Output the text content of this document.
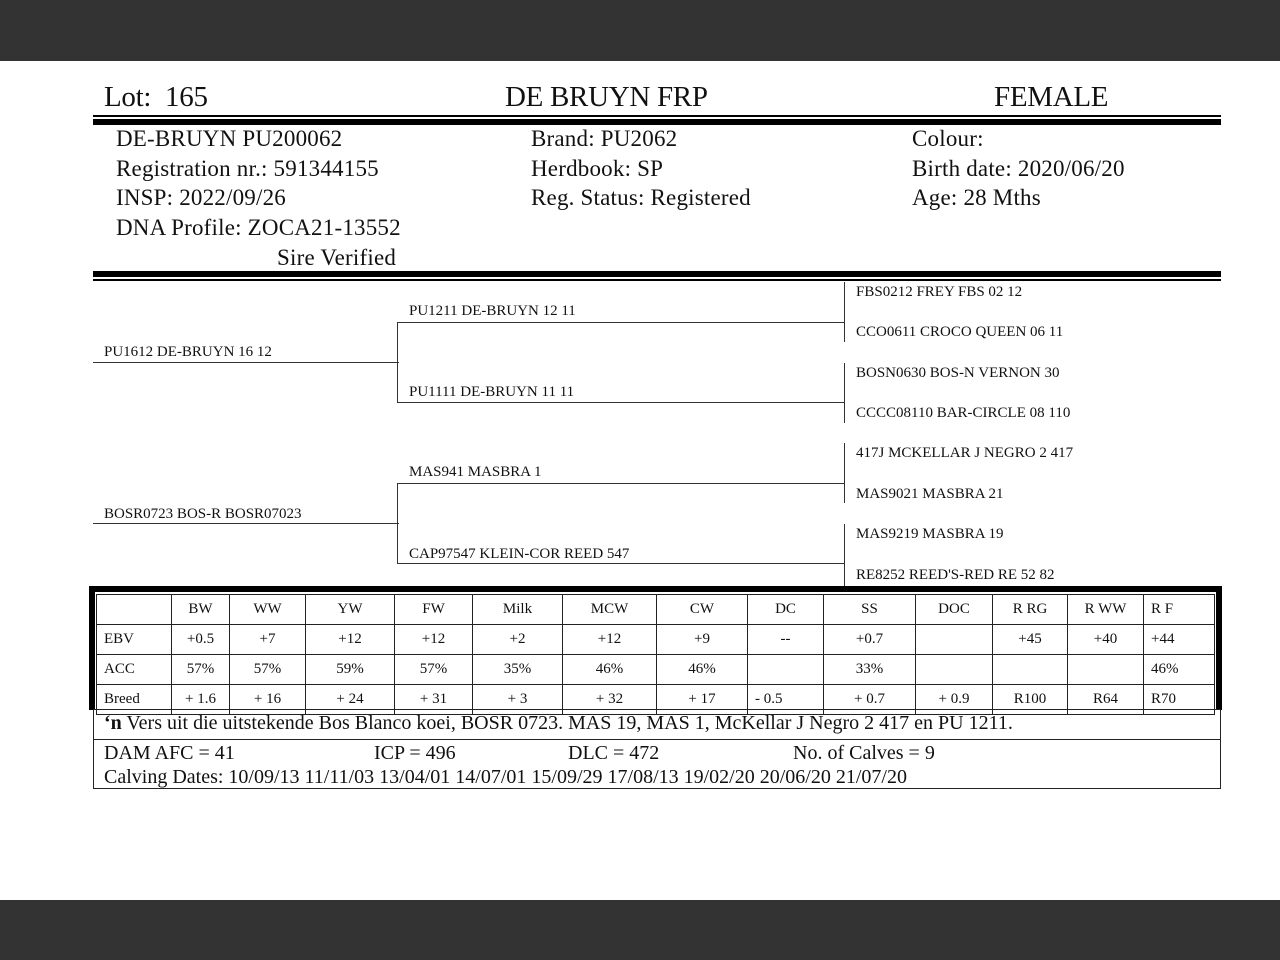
Lot: 165	DE BRUYN FRP	FEMALE
DE-BRUYN PU200062
Registration nr.: 591344155
INSP: 2022/09/26
DNA Profile: ZOCA21-13552
Sire Verified
Brand: PU2062
Herdbook: SP
Reg. Status: Registered
Colour:
Birth date: 2020/06/20
Age: 28 Mths
PU1612 DE-BRUYN 16 12
BOSR0723 BOS-R BOSR07023
PU1211 DE-BRUYN 12 11
PU1111 DE-BRUYN 11 11
MAS941 MASBRA 1
CAP97547 KLEIN-COR REED 547
FBS0212 FREY FBS 02 12
CCO0611 CROCO QUEEN 06 11
BOSN0630 BOS-N VERNON 30
CCCC08110 BAR-CIRCLE 08 110
417J MCKELLAR J NEGRO 2 417
MAS9021 MASBRA 21
MAS9219 MASBRA 19
RE8252 REED'S-RED RE 52 82
	BW	WW	YW	FW	Milk	MCW	CW	DC	SS	DOC	R RG	R WW	R F
EBV	+0.5	+7	+12	+12	+2	+12	+9	--	+0.7		+45	+40	+44
ACC	57%	57%	59%	57%	35%	46%	46%		33%				46%
Breed	+ 1.6	+ 16	+ 24	+ 31	+ 3	+ 32	+ 17	- 0.5	+ 0.7	+ 0.9	R100	R64	R70
‘n Vers uit die uitstekende Bos Blanco koei, BOSR 0723. MAS 19, MAS 1, McKellar J Negro 2 417 en PU 1211.
DAM AFC = 41	ICP = 496	DLC = 472	No. of Calves = 9
Calving Dates: 10/09/13 11/11/03 13/04/01 14/07/01 15/09/29 17/08/13 19/02/20 20/06/20 21/07/20
